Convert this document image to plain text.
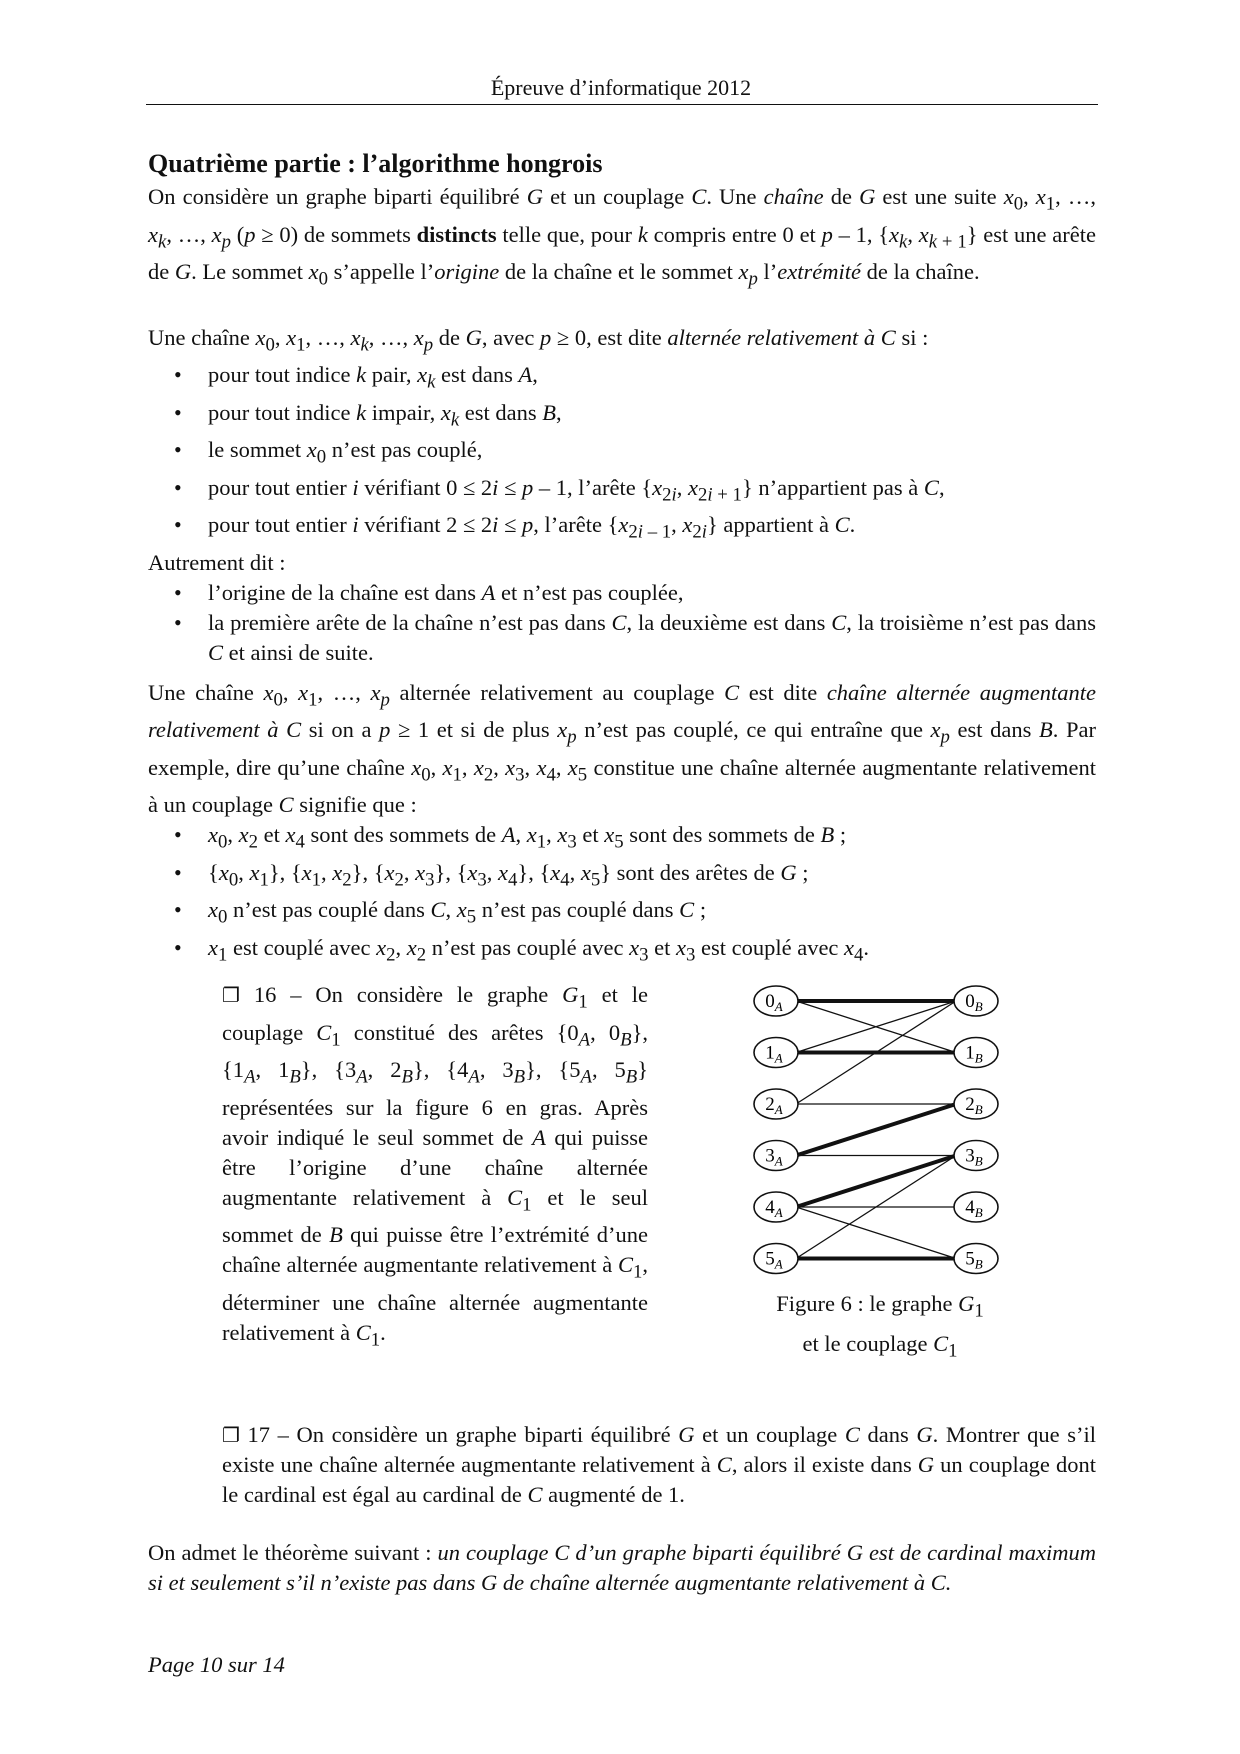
Épreuve d’informatique 2012
Quatrième partie : l’algorithme hongrois

On considère un graphe biparti équilibré G et un couplage C. Une chaîne de G est une suite $x_0$, $x_1$, …, $x_k$, …, $x_p$ (p ≥ 0) de sommets distincts telle que, pour k compris entre 0 et p – 1, {$x_k$, $x_{k + 1}$} est une arête de G. Le sommet $x_0$ s’appelle l’origine de la chaîne et le sommet $x_p$ l’extrémité de la chaîne.

Une chaîne $x_0$, $x_1$, …, $x_k$, …, $x_p$ de G, avec p ≥ 0, est dite alternée relativement à C si :

• pour tout indice k pair, $x_k$ est dans A,
• pour tout indice k impair, $x_k$ est dans B,
• le sommet $x_0$ n’est pas couplé,
• pour tout entier i vérifiant 0 ≤ 2i ≤ p – 1, l’arête {$x_{2i}$, $x_{2i + 1}$} n’appartient pas à C,
• pour tout entier i vérifiant 2 ≤ 2i ≤ p, l’arête {$x_{2i - 1}$, $x_{2i}$} appartient à C.

Autrement dit :

• l’origine de la chaîne est dans A et n’est pas couplée,
• la première arête de la chaîne n’est pas dans C, la deuxième est dans C, la troisième n’est pas dans C et ainsi de suite.

Une chaîne $x_0$, $x_1$, …, $x_p$ alternée relativement au couplage C est dite chaîne alternée augmentante relativement à C si on a p ≥ 1 et si de plus $x_p$ n’est pas couplé, ce qui entraîne que $x_p$ est dans B. Par exemple, dire qu’une chaîne $x_0$, $x_1$, $x_2$, $x_3$, $x_4$, $x_5$ constitue une chaîne alternée augmentante relativement à un couplage C signifie que :

• $x_0$, $x_2$ et $x_4$ sont des sommets de A, $x_1$, $x_3$ et $x_5$ sont des sommets de B ;
• {$x_0$, $x_1$}, {$x_1$, $x_2$}, {$x_2$, $x_3$}, {$x_3$, $x_4$}, {$x_4$, $x_5$} sont des arêtes de G ;
• $x_0$ n’est pas couplé dans C, $x_5$ n’est pas couplé dans C ;
• $x_1$ est couplé avec $x_2$, $x_2$ n’est pas couplé avec $x_3$ et $x_3$ est couplé avec $x_4$.

❐ 16 – On considère le graphe $G_1$ et le couplage $C_1$ constitué des arêtes {$0_A$, $0_B$}, {$1_A$, $1_B$}, {$3_A$, $2_B$}, {$4_A$, $3_B$}, {$5_A$, $5_B$} représentées sur la figure 6 en gras. Après avoir indiqué le seul sommet de A qui puisse être l’origine d’une chaîne alternée augmentante relativement à $C_1$ et le seul sommet de B qui puisse être l’extrémité d’une chaîne alternée augmentante relativement à $C_1$, déterminer une chaîne alternée augmentante relativement à $C_1$.

$0_A$
$1_A$
$2_A$
$3_A$
$4_A$
$5_A$
$0_B$
$1_B$
$2_B$
$3_B$
$4_B$
$5_B$
Figure 6 : le graphe $G_1$
et le couplage $C_1$

❐ 17 – On considère un graphe biparti équilibré G et un couplage C dans G. Montrer que s’il existe une chaîne alternée augmentante relativement à C, alors il existe dans G un couplage dont le cardinal est égal au cardinal de C augmenté de 1.

On admet le théorème suivant : un couplage C d’un graphe biparti équilibré G est de cardinal maximum si et seulement s’il n’existe pas dans G de chaîne alternée augmentante relativement à C.

Page 10 sur 14
